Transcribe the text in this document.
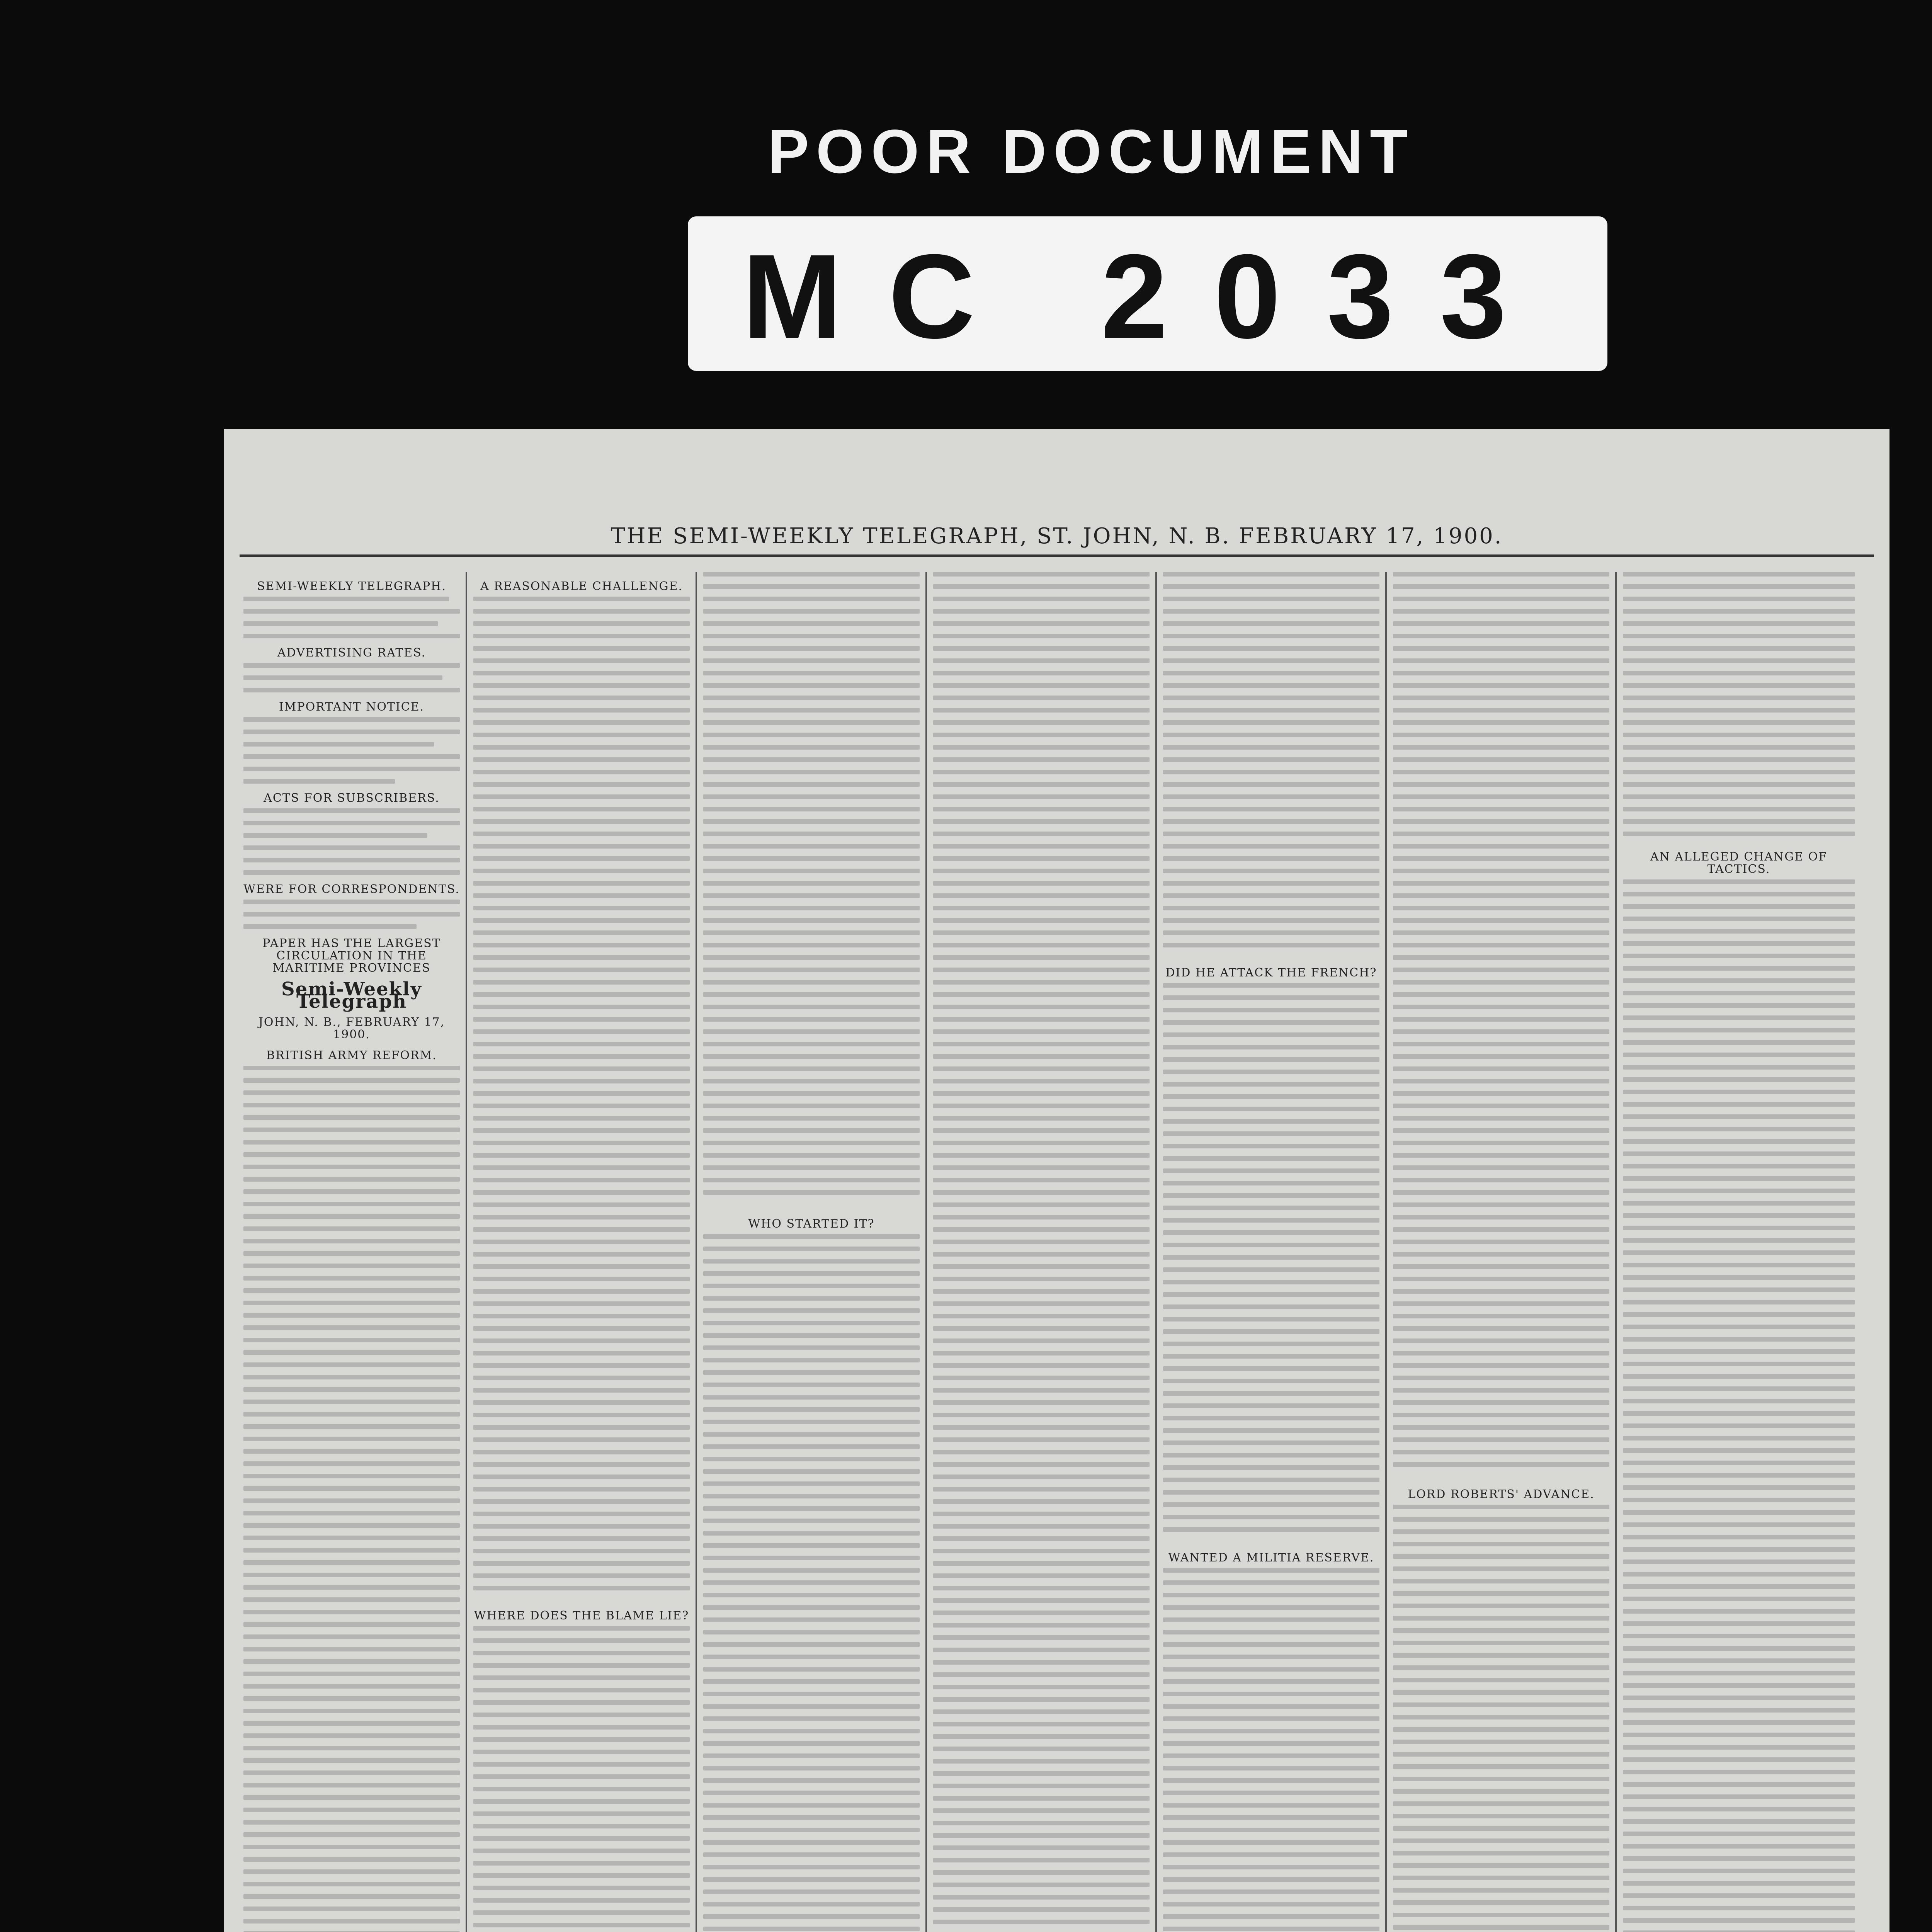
POOR DOCUMENT
MC 2033
THE SEMI-WEEKLY TELEGRAPH, ST. JOHN, N. B. FEBRUARY 17, 1900.
SEMI-WEEKLY TELEGRAPH.
ADVERTISING RATES.
IMPORTANT NOTICE.
ACTS FOR SUBSCRIBERS.
WERE FOR CORRESPONDENTS.
PAPER HAS THE LARGEST CIRCULATION IN THE MARITIME PROVINCES
Semi-Weekly Telegraph
JOHN, N. B., FEBRUARY 17, 1900.
BRITISH ARMY REFORM.
A REASONABLE CHALLENGE.
WHERE DOES THE BLAME LIE?
WHO STARTED IT?
DID HE ATTACK THE FRENCH?
WANTED A MILITIA RESERVE.
LORD ROBERTS' ADVANCE.
AN ALLEGED CHANGE OF TACTICS.
